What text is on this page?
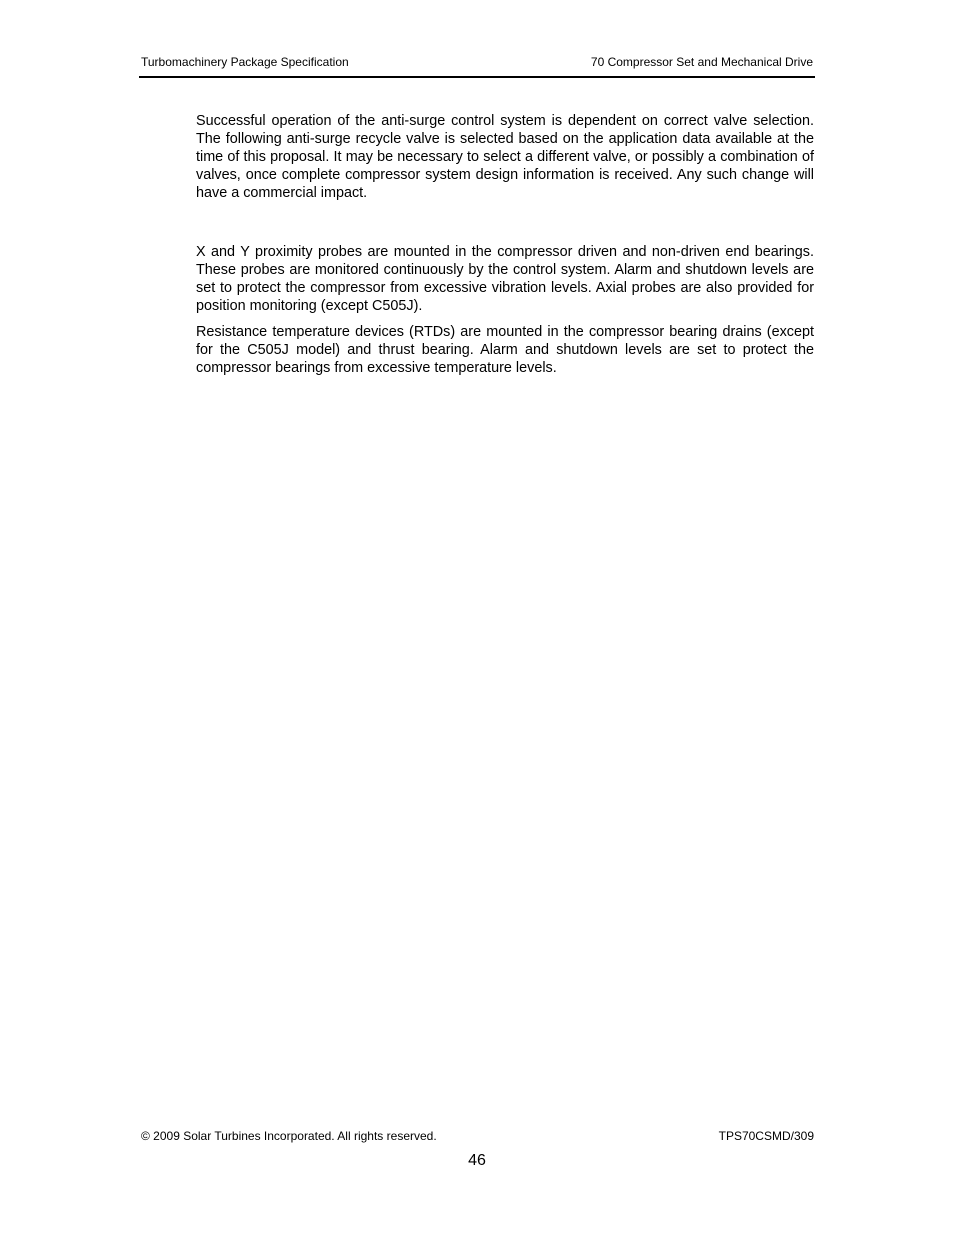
Turbomachinery Package Specification	70 Compressor Set and Mechanical Drive

Successful operation of the anti-surge control system is dependent on correct valve selection. The following anti-surge recycle valve is selected based on the application data available at the time of this proposal. It may be necessary to select a different valve, or possibly a combination of valves, once complete compressor system design information is received. Any such change will have a commercial impact.

X and Y proximity probes are mounted in the compressor driven and non-driven end bearings. These probes are monitored continuously by the control system. Alarm and shutdown levels are set to protect the compressor from excessive vibration levels. Axial probes are also provided for position monitoring (except C505J).

Resistance temperature devices (RTDs) are mounted in the compressor bearing drains (except for the C505J model) and thrust bearing. Alarm and shutdown levels are set to protect the compressor bearings from excessive temperature levels.

© 2009 Solar Turbines Incorporated. All rights reserved.	TPS70CSMD/309
46
